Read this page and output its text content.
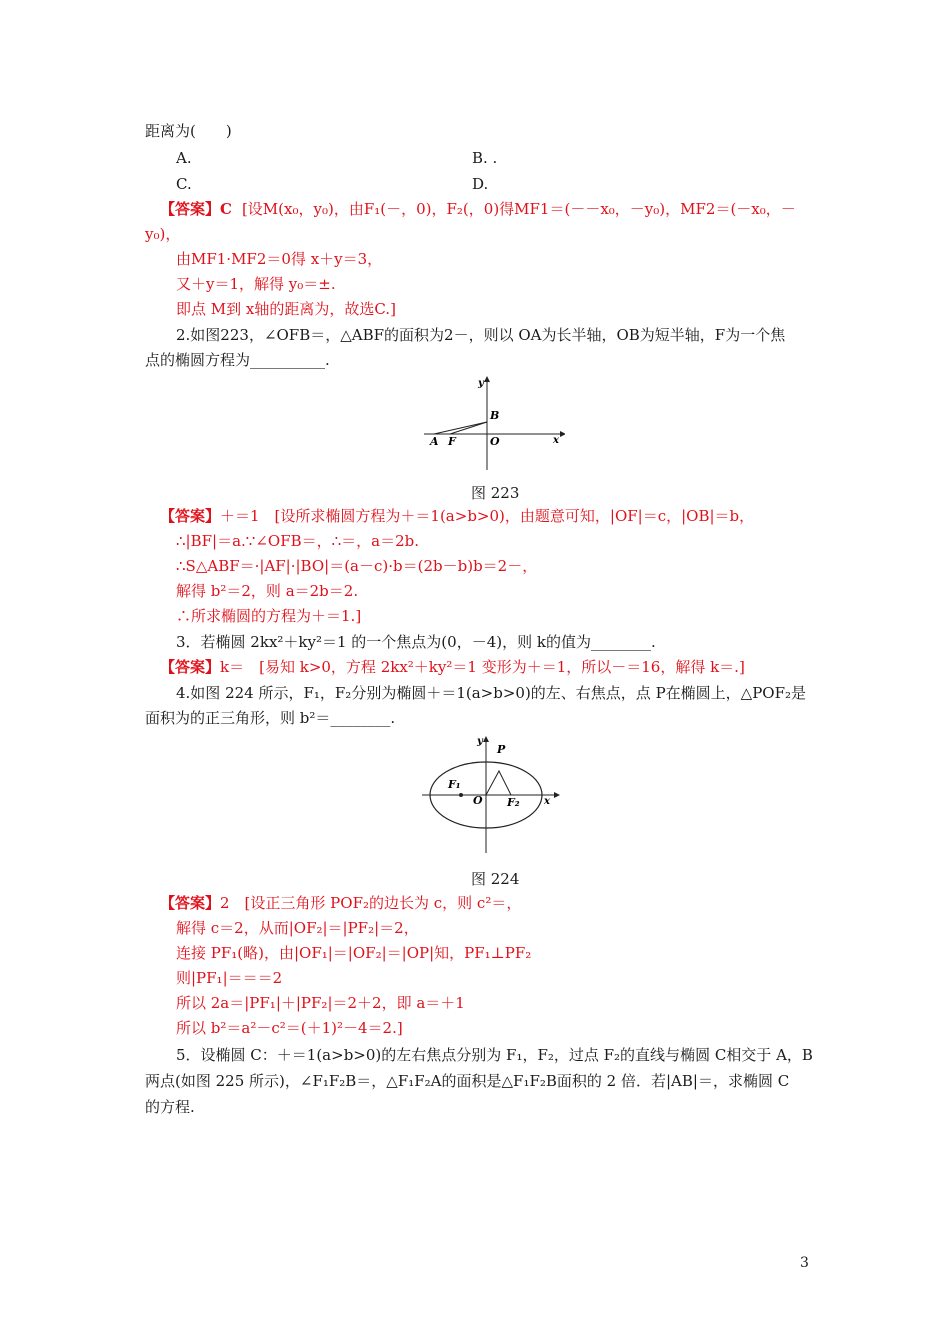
距离为(　　)
A.	B. .
C.	D.
【答案】C [设M(x₀，y₀)，由F₁(－，0)，F₂(，0)得MF1＝(－－x₀，－y₀)，MF2＝(－x₀，－
y₀)，
由MF1·MF2＝0得 x＋y＝3，
又＋y＝1，解得 y₀＝±.
即点 M到 x轴的距离为，故选C.]
2.如图223，∠OFB＝，△ABF的面积为2－，则以 OA为长半轴，OB为短半轴，F为一个焦
点的椭圆方程为__________.
y
x
B
A F	O
图 223
【答案】＋＝1　[设所求椭圆方程为＋＝1(a>b>0)，由题意可知，|OF|＝c，|OB|＝b，
∴|BF|＝a.∵∠OFB＝，∴＝，a＝2b.
∴S△ABF＝·|AF|·|BO|＝(a－c)·b＝(2b－b)b＝2－，
解得 b²＝2，则 a＝2b＝2.
∴所求椭圆的方程为＋＝1.]
3．若椭圆 2kx²＋ky²＝1 的一个焦点为(0，－4)，则 k的值为________.
【答案】k＝　[易知 k>0，方程 2kx²＋ky²＝1 变形为＋＝1，所以－＝16，解得 k＝.]
4.如图 224 所示，F₁，F₂分别为椭圆＋＝1(a>b>0)的左、右焦点，点 P在椭圆上，△POF₂是
面积为的正三角形，则 b²＝________.
y
x
P
F₁
O F₂
图 224
【答案】2　[设正三角形 POF₂的边长为 c，则 c²＝，
解得 c＝2，从而|OF₂|＝|PF₂|＝2，
连接 PF₁(略)，由|OF₁|＝|OF₂|＝|OP|知，PF₁⊥PF₂
则|PF₁|＝＝＝2
所以 2a＝|PF₁|＋|PF₂|＝2＋2，即 a＝＋1
所以 b²＝a²－c²＝(＋1)²－4＝2.]
5．设椭圆 C：＋＝1(a>b>0)的左右焦点分别为 F₁，F₂，过点 F₂的直线与椭圆 C相交于 A，B
两点(如图 225 所示)，∠F₁F₂B＝，△F₁F₂A的面积是△F₁F₂B面积的 2 倍．若|AB|＝，求椭圆 C
的方程.
3
